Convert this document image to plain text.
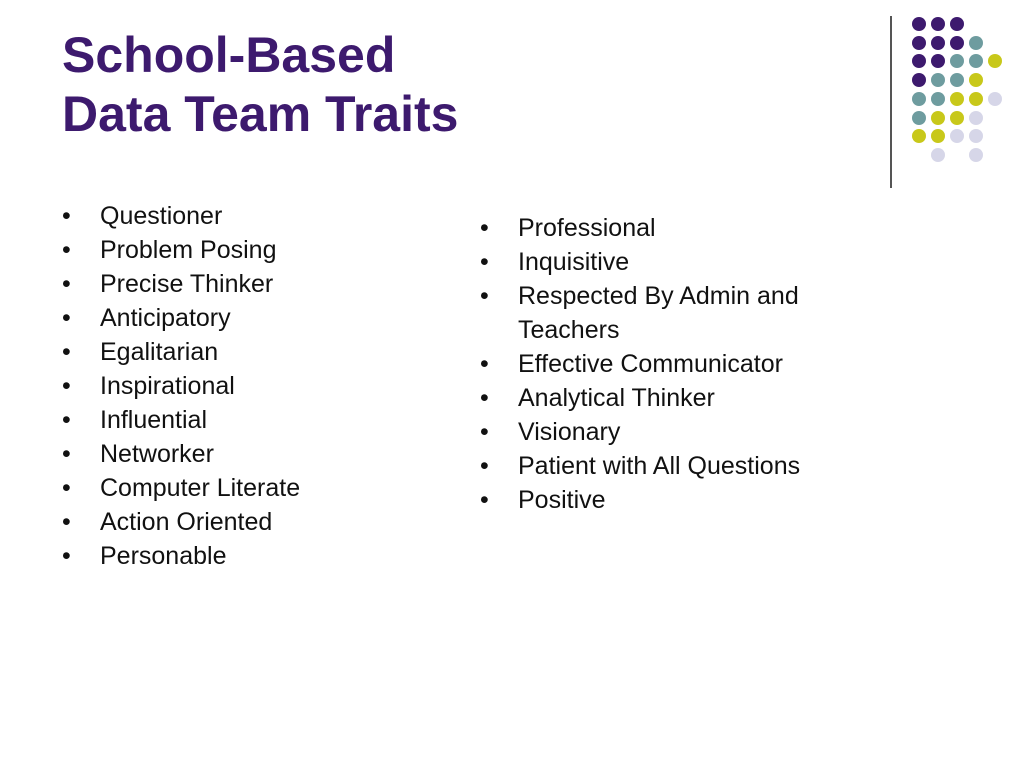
School-Based
Data Team Traits
• Questioner
• Problem Posing
• Precise Thinker
• Anticipatory
• Egalitarian
• Inspirational
• Influential
• Networker
• Computer Literate
• Action Oriented
• Personable
• Professional
• Inquisitive
• Respected By Admin and Teachers
• Effective Communicator
• Analytical Thinker
• Visionary
• Patient with All Questions
• Positive
